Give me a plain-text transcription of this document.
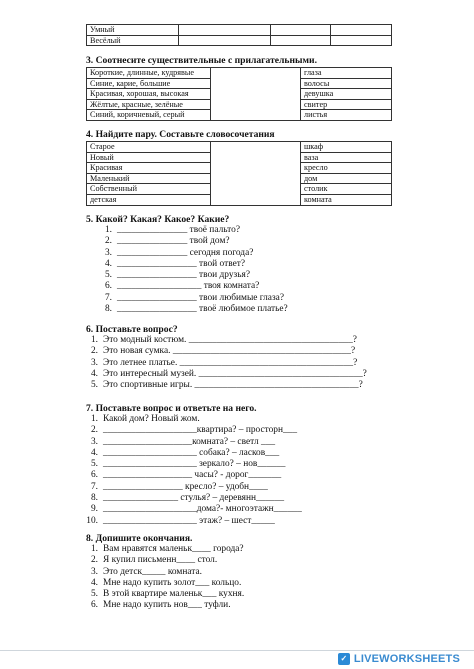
Умный			
Весёлый			
3. Соотнесите существительные с прилагательными.
Короткие, длинные, кудрявые		глаза
Синие, карие, большие		волосы
Красивая, хорошая, высокая		девушка
Жёлтые, красные, зелёные		свитер
Синий, коричневый, серый		листья
4. Найдите пару. Составьте словосочетания
Старое		шкаф
Новый		ваза
Красивая		кресло
Маленький		дом
Собственный		столик
детская		комната
5. Какой? Какая? Какое? Какие?
1. _______________ твоё пальто?
2. _______________ твой дом?
3. _______________ сегодня погода?
4. _________________ твой ответ?
5. _________________ твои друзья?
6. __________________ твоя комната?
7. _________________ твои любимые глаза?
8. _________________ твоё любимое платье?
6. Поставьте вопрос?
1. Это модный костюм. ___________________________________?
2. Это новая сумка. ______________________________________?
3. Это летнее платье. _____________________________________?
4. Это интересный музей. ___________________________________?
5. Это спортивные игры. ___________________________________?
7. Поставьте вопрос и ответьте на него.
1. Какой дом? Новый жом.
2. ____________________квартира? – просторн___
3. ___________________комната? – светл ___
4. ____________________ собака? – ласков___
5. ____________________ зеркало? – нов______
6. ___________________ часы? - дорог_______
7. _________________ кресло? – удобн____
8. ________________ стулья? – деревянн______
9. ____________________дома?- многоэтажн______
10. ____________________ этаж? – шест_____
8. Допишите окончания.
1. Вам нравятся маленьк____ города?
2. Я купил письменн____ стол.
3. Это детск_____ комната.
4. Мне надо купить золот___ кольцо.
5. В этой квартире маленьк___ кухня.
6. Мне надо купить нов___ туфли.
✓ LIVEWORKSHEETS
